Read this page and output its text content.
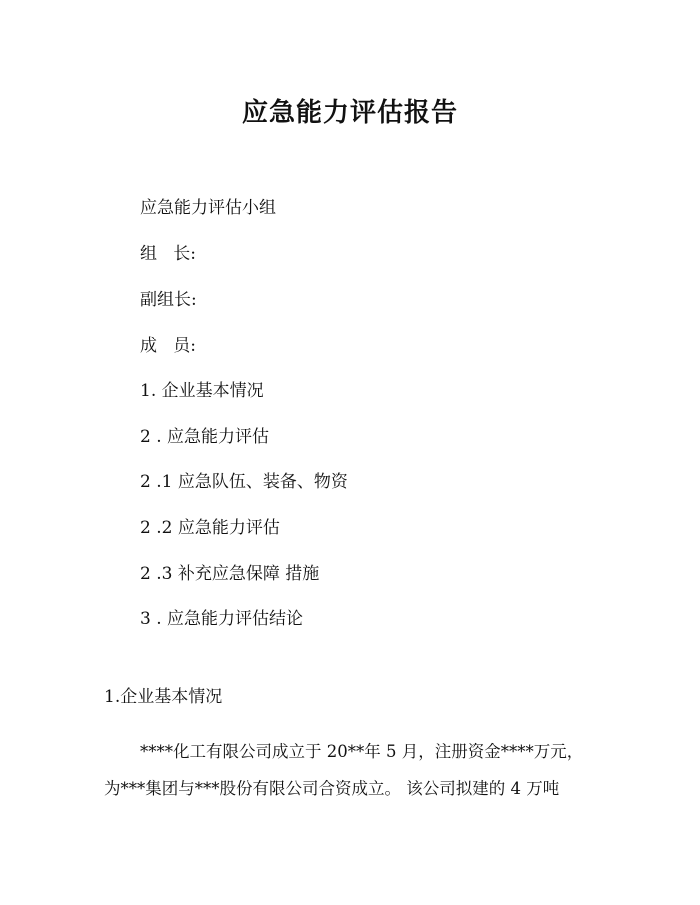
应急能力评估报告
应急能力评估小组
组   长:
副组长:
成   员:
1. 企业基本情况
2 . 应急能力评估
2 .1 应急队伍、装备、物资
2 .2 应急能力评估
2 .3 补充应急保障 措施
3 . 应急能力评估结论
1.企业基本情况
****化工有限公司成立于 20**年 5 月，注册资金****万元，
为***集团与***股份有限公司合资成立。 该公司拟建的 4 万吨
